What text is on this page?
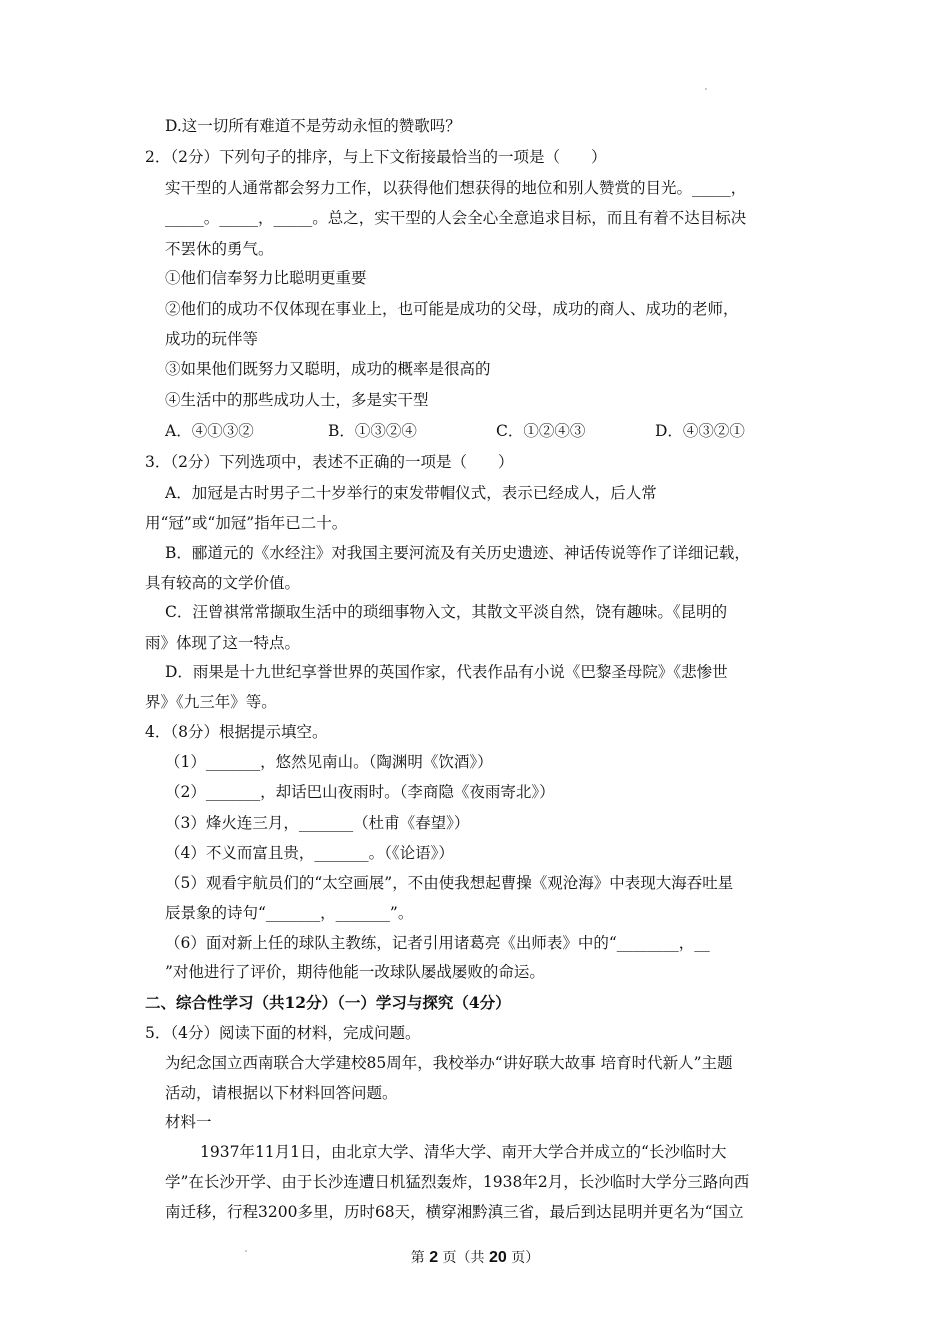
D.这一切所有难道不是劳动永恒的赞歌吗？
2．（2分）下列句子的排序，与上下文衔接最恰当的一项是（　　）
实干型的人通常都会努力工作，以获得他们想获得的地位和别人赞赏的目光。_____，
_____。_____，_____。总之，实干型的人会全心全意追求目标，而且有着不达目标决
不罢休的勇气。
①他们信奉努力比聪明更重要
②他们的成功不仅体现在事业上，也可能是成功的父母，成功的商人、成功的老师，
成功的玩伴等
③如果他们既努力又聪明，成功的概率是很高的
④生活中的那些成功人士，多是实干型
A．④①③②	B．①③②④	C．①②④③	D．④③②①
3．（2分）下列选项中，表述不正确的一项是（　　）
A．加冠是古时男子二十岁举行的束发带帽仪式，表示已经成人，后人常
用“冠”或“加冠”指年已二十。
B．郦道元的《水经注》对我国主要河流及有关历史遗迹、神话传说等作了详细记载，
具有较高的文学价值。
C．汪曾祺常常撷取生活中的琐细事物入文，其散文平淡自然，饶有趣味。《昆明的
雨》体现了这一特点。
D．雨果是十九世纪享誉世界的英国作家，代表作品有小说《巴黎圣母院》《悲惨世
界》《九三年》等。
4．（8分）根据提示填空。
（1）_______，悠然见南山。（陶渊明《饮酒》）
（2）_______，却话巴山夜雨时。（李商隐《夜雨寄北》）
（3）烽火连三月，_______（杜甫《春望》）
（4）不义而富且贵，_______。（《论语》）
（5）观看宇航员们的“太空画展”，不由使我想起曹操《观沧海》中表现大海吞吐星
辰景象的诗句“_______，_______”。
（6）面对新上任的球队主教练，记者引用诸葛亮《出师表》中的“________，__
”对他进行了评价，期待他能一改球队屡战屡败的命运。
二、综合性学习（共12分）（一）学习与探究（4分）
5．（4分）阅读下面的材料，完成问题。
为纪念国立西南联合大学建校85周年，我校举办“讲好联大故事 培育时代新人”主题
活动，请根据以下材料回答问题。
材料一
1937年11月1日，由北京大学、清华大学、南开大学合并成立的“长沙临时大
学”在长沙开学、由于长沙连遭日机猛烈轰炸，1938年2月，长沙临时大学分三路向西
南迁移，行程3200多里，历时68天，横穿湘黔滇三省，最后到达昆明并更名为“国立
第 2 页（共 20 页）
